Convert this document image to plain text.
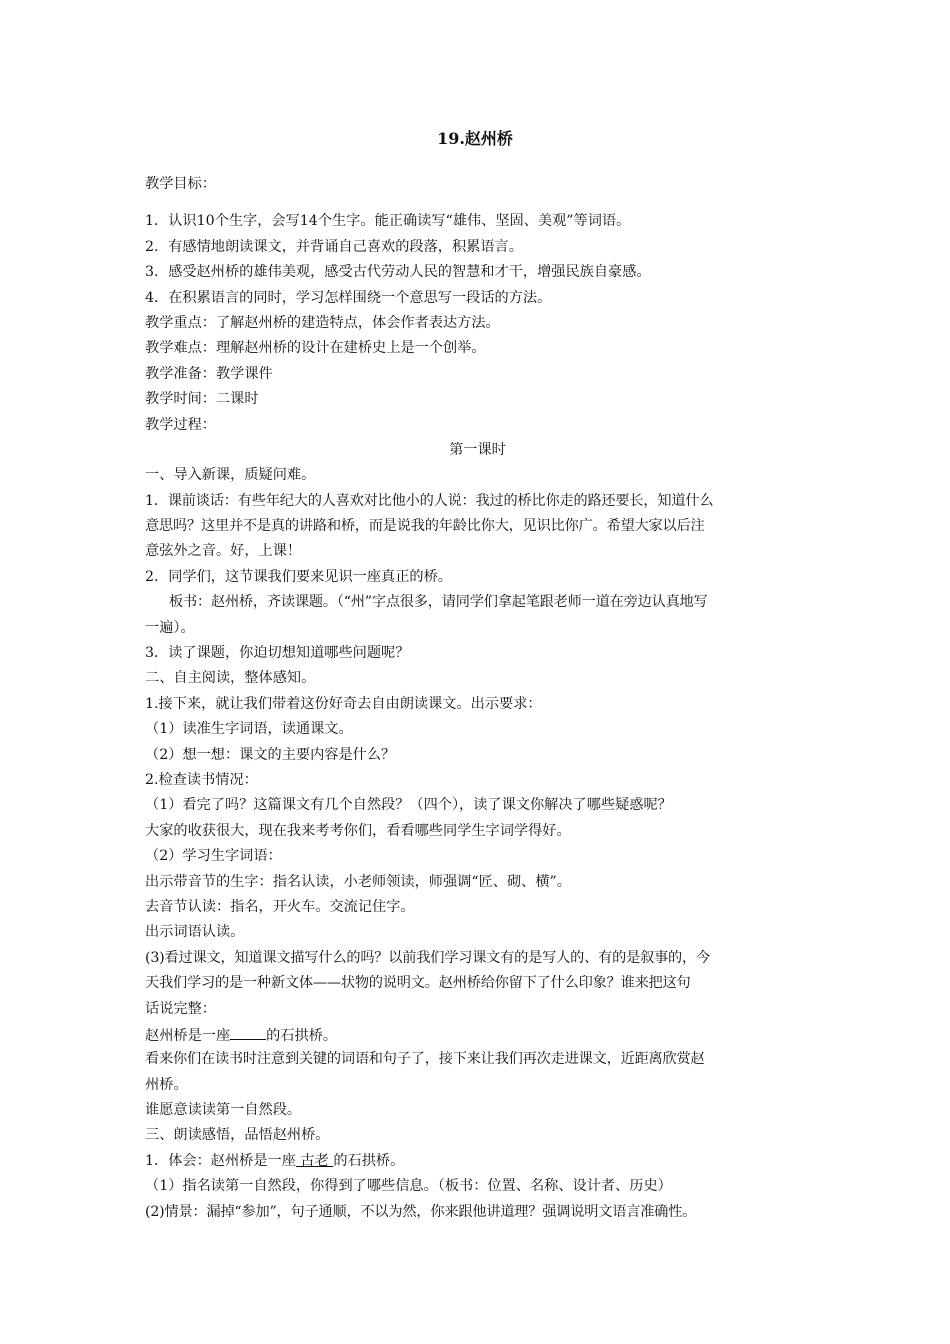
19.赵州桥
教学目标：
1．认识10个生字，会写14个生字。能正确读写“雄伟、坚固、美观”等词语。
2．有感情地朗读课文，并背诵自己喜欢的段落，积累语言。
3．感受赵州桥的雄伟美观，感受古代劳动人民的智慧和才干，增强民族自豪感。
4．在积累语言的同时，学习怎样围绕一个意思写一段话的方法。
教学重点：了解赵州桥的建造特点，体会作者表达方法。
教学难点：理解赵州桥的设计在建桥史上是一个创举。
教学准备：教学课件
教学时间：二课时
教学过程：
第一课时
一、导入新课，质疑问难。
1．课前谈话：有些年纪大的人喜欢对比他小的人说：我过的桥比你走的路还要长，知道什么
意思吗？这里并不是真的讲路和桥，而是说我的年龄比你大，见识比你广。希望大家以后注
意弦外之音。好，上课！
2．同学们，这节课我们要来见识一座真正的桥。
板书：赵州桥，齐读课题。（“州”字点很多，请同学们拿起笔跟老师一道在旁边认真地写
一遍）。
3．读了课题，你迫切想知道哪些问题呢？
二、自主阅读，整体感知。
1.接下来，就让我们带着这份好奇去自由朗读课文。出示要求：
（1）读准生字词语，读通课文。
（2）想一想：课文的主要内容是什么？
2.检查读书情况：
（1）看完了吗？这篇课文有几个自然段？（四个），读了课文你解决了哪些疑惑呢？
大家的收获很大，现在我来考考你们，看看哪些同学生字词学得好。
（2）学习生字词语：
出示带音节的生字：指名认读，小老师领读，师强调“匠、砌、横”。
去音节认读：指名，开火车。交流记住字。
出示词语认读。
(3)看过课文，知道课文描写什么的吗？以前我们学习课文有的是写人的、有的是叙事的，今
天我们学习的是一种新文体——状物的说明文。赵州桥给你留下了什么印象？谁来把这句
话说完整：
赵州桥是一座	的石拱桥。
看来你们在读书时注意到关键的词语和句子了，接下来让我们再次走进课文，近距离欣赏赵
州桥。
谁愿意读读第一自然段。
三、朗读感悟，品悟赵州桥。
1．体会：赵州桥是一座 古老 的石拱桥。
（1）指名读第一自然段，你得到了哪些信息。（板书：位置、名称、设计者、历史）
(2)情景：漏掉“参加”，句子通顺，不以为然，你来跟他讲道理？强调说明文语言准确性。
